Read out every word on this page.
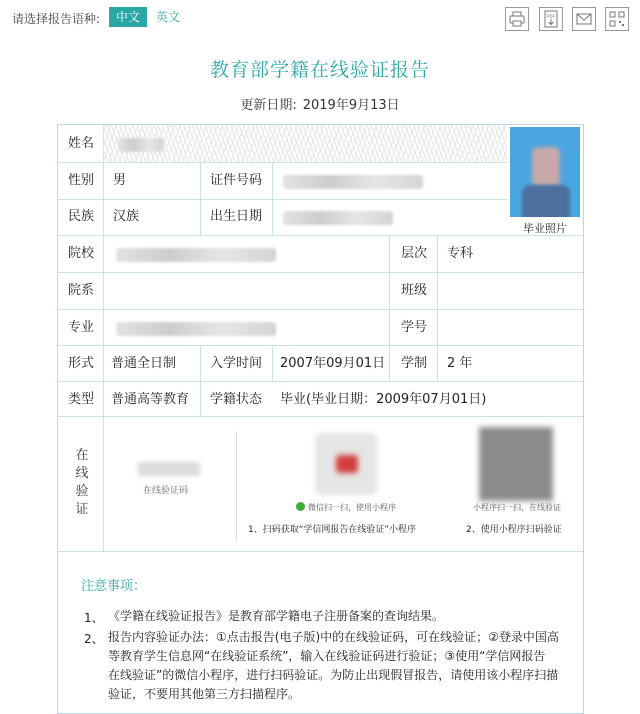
请选择报告语种:	中文	英文	PDF
教育部学籍在线验证报告
更新日期: 2019年9月13日
姓名
性别 男	证件号码
民族 汉族	出生日期
毕业照片
院校	层次 专科
院系	班级
专业	学号
形式 普通全日制	入学时间 2007年09月01日 学制 2 年
类型 普通高等教育 学籍状态 毕业(毕业日期：2009年07月01日)
在
线
验
证
在线验证码
微信扫一扫，使用小程序
1、扫码获取“学信网报告在线验证”小程序
小程序扫一扫，在线验证
2、使用小程序扫码验证
注意事项：
1、 《学籍在线验证报告》是教育部学籍电子注册备案的查询结果。
2、 报告内容验证办法：①点击报告(电子版)中的在线验证码，可在线验证；②登录中国高
等教育学生信息网“在线验证系统”，输入在线验证码进行验证；③使用“学信网报告
在线验证”的微信小程序，进行扫码验证。为防止出现假冒报告，请使用该小程序扫描
验证，不要用其他第三方扫描程序。
